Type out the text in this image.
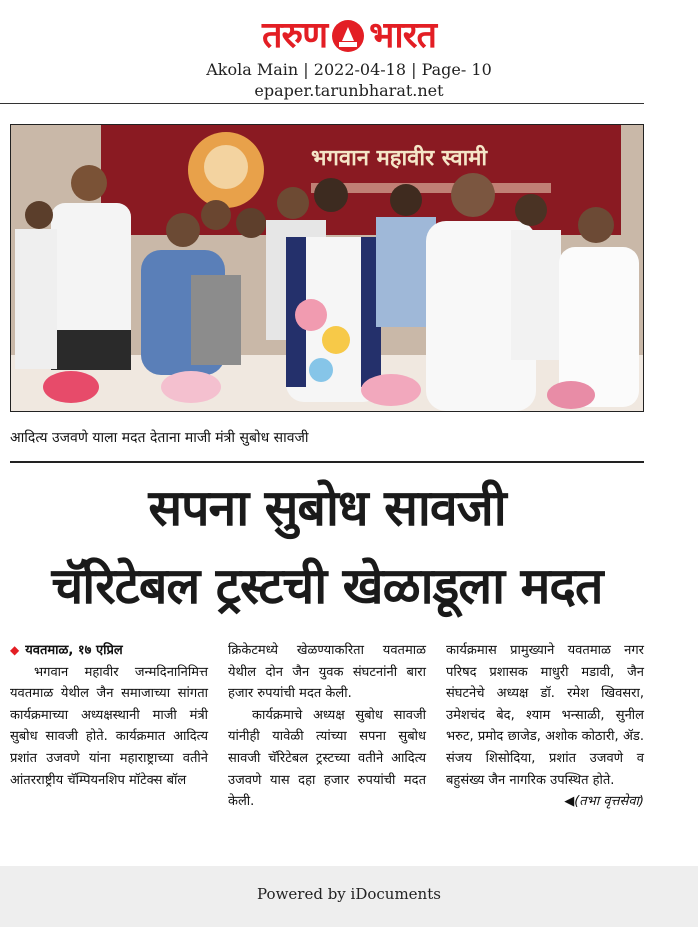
तरुण भारत
Akola Main | 2022-04-18 | Page- 10
epaper.tarunbharat.net
भगवान महावीर स्वामी
आदित्य उजवणे याला मदत देताना माजी मंत्री सुबोध सावजी
सपना सुबोध सावजी
चॅरिटेबल ट्रस्टची खेळाडूला मदत

◆ यवतमाळ, १७ एप्रिल

भगवान महावीर जन्मदिनानिमित्त यवतमाळ येथील जैन समाजाच्या सांगता कार्यक्रमाच्या अध्यक्षस्थानी माजी मंत्री सुबोध सावजी होते. कार्यक्रमात आदित्य प्रशांत उजवणे यांना महाराष्ट्राच्या वतीने आंतरराष्ट्रीय चॅम्पियनशिप मॉटेक्स बॉल

क्रिकेटमध्ये खेळण्याकरिता यवतमाळ येथील दोन जैन युवक संघटनांनी बारा हजार रुपयांची मदत केली.

कार्यक्रमाचे अध्यक्ष सुबोध सावजी यांनीही यावेळी त्यांच्या सपना सुबोध सावजी चॅरिटेबल ट्रस्टच्या वतीने आदित्य उजवणे यास दहा हजार रुपयांची मदत केली.

कार्यक्रमास प्रामुख्याने यवतमाळ नगर परिषद प्रशासक माधुरी मडावी, जैन संघटनेचे अध्यक्ष डॉ. रमेश खिवसरा, उमेशचंद बेद, श्याम भन्साळी, सुनील भरुट, प्रमोद छाजेड, अशोक कोठारी, ॲड. संजय शिसोदिया, प्रशांत उजवणे व बहुसंख्य जैन नागरिक उपस्थित होते.

◀(तभा वृत्तसेवा)

Powered by iDocuments
